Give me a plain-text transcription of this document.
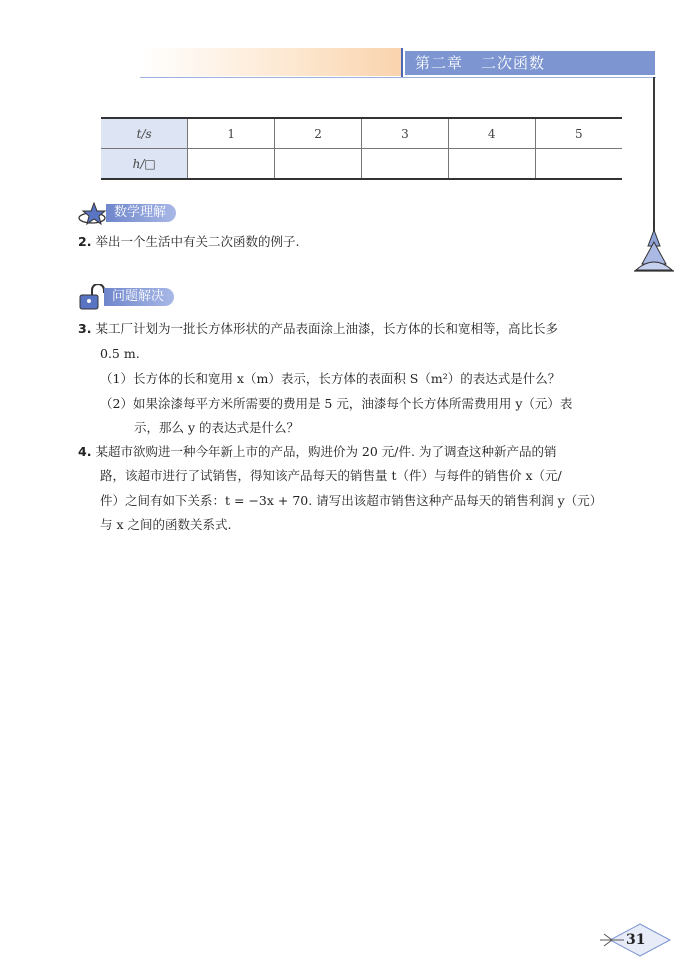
第二章 二次函数
t/s	1	2	3	4	5
h/□					
数学理解
2. 举出一个生活中有关二次函数的例子.
问题解决
3. 某工厂计划为一批长方体形状的产品表面涂上油漆，长方体的长和宽相等，高比长多
0.5 m.
（1）长方体的长和宽用 x（m）表示，长方体的表面积 S（m²）的表达式是什么？
（2）如果涂漆每平方米所需要的费用是 5 元，油漆每个长方体所需费用用 y（元）表
示，那么 y 的表达式是什么？
4. 某超市欲购进一种今年新上市的产品，购进价为 20 元/件. 为了调查这种新产品的销
路，该超市进行了试销售，得知该产品每天的销售量 t（件）与每件的销售价 x（元/
件）之间有如下关系：t = −3x + 70. 请写出该超市销售这种产品每天的销售利润 y（元）
与 x 之间的函数关系式.
31
